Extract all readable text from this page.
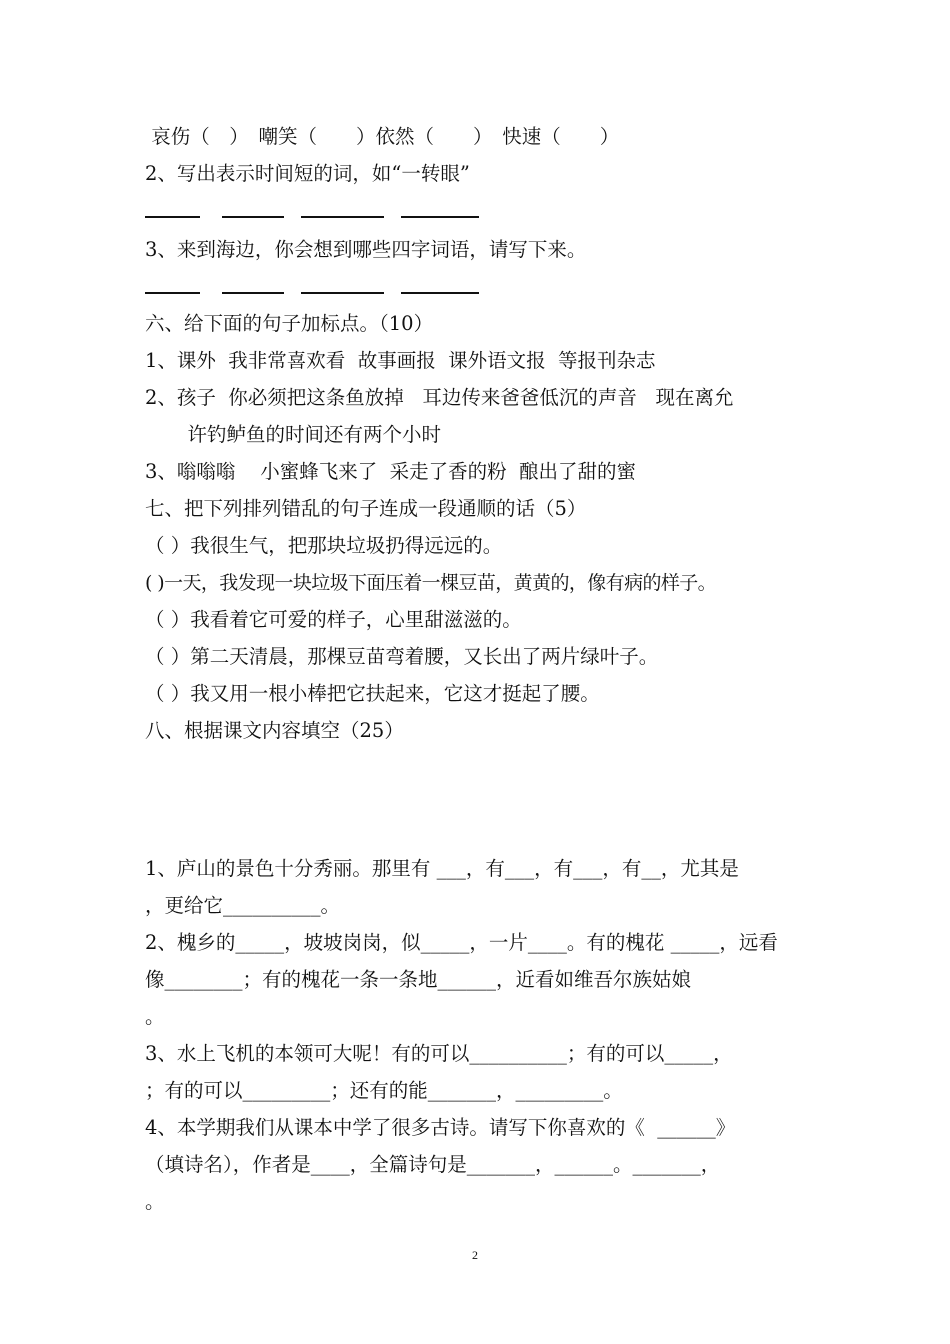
哀伤（　）　嘲笑（　　）依然（　　）　快速（　　）
2、写出表示时间短的词，如“一转眼”
3、来到海边，你会想到哪些四字词语，请写下来。
六、给下面的句子加标点。（10）
1、课外  我非常喜欢看  故事画报  课外语文报  等报刊杂志
2、孩子  你必须把这条鱼放掉   耳边传来爸爸低沉的声音   现在离允
　许钓鲈鱼的时间还有两个小时
3、嗡嗡嗡    小蜜蜂飞来了  采走了香的粉  酿出了甜的蜜
七、把下列排列错乱的句子连成一段通顺的话（5）
（ ）我很生气，把那块垃圾扔得远远的。
( )一天，我发现一块垃圾下面压着一棵豆苗，黄黄的，像有病的样子。
（ ）我看着它可爱的样子，心里甜滋滋的。
（ ）第二天清晨，那棵豆苗弯着腰，又长出了两片绿叶子。
（ ）我又用一根小棒把它扶起来，它这才挺起了腰。
八、根据课文内容填空（25）
1、庐山的景色十分秀丽。那里有 ___，有___，有___，有__，尤其是
，更给它__________。
2、槐乡的_____，坡坡岗岗，似_____，一片____。有的槐花 _____，远看
像________；有的槐花一条一条地______，近看如维吾尔族姑娘
。
3、水上飞机的本领可大呢！有的可以__________；有的可以_____，
；有的可以_________；还有的能_______，_________。
4、本学期我们从课本中学了很多古诗。请写下你喜欢的《  ______》
（填诗名），作者是____，全篇诗句是_______，______。_______，
。
2
